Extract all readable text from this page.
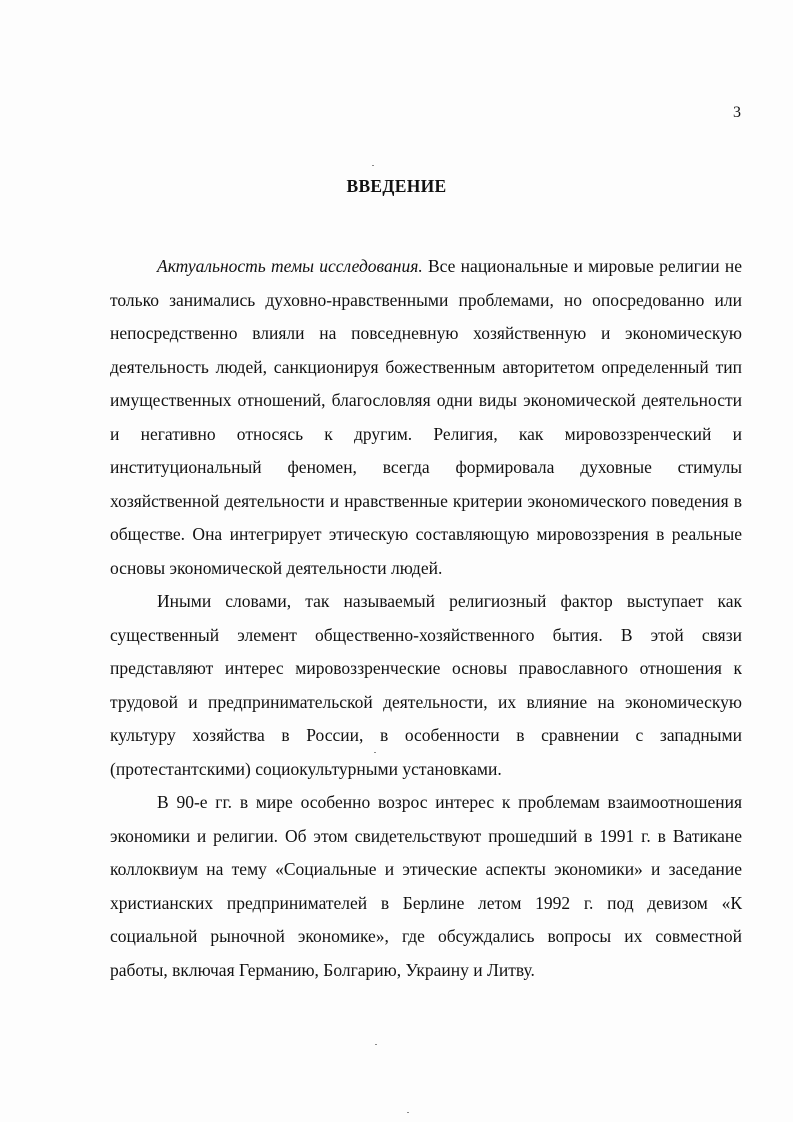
3
ВВЕДЕНИЕ

Актуальность темы исследования. Все национальные и мировые религии не только занимались духовно-нравственными проблемами, но опосредованно или непосредственно влияли на повседневную хозяйственную и экономическую деятельность людей, санкционируя божественным авторитетом определенный тип имущественных отношений, благословляя одни виды экономической деятельности и негативно относясь к другим. Религия, как мировоззренческий и институциональный феномен, всегда формировала духовные стимулы хозяйственной деятельности и нравственные критерии экономического поведения в обществе. Она интегрирует этическую составляющую мировоззрения в реальные основы экономической деятельности людей.

Иными словами, так называемый религиозный фактор выступает как существенный элемент общественно-хозяйственного бытия. В этой связи представляют интерес мировоззренческие основы православного отношения к трудовой и предпринимательской деятельности, их влияние на экономическую культуру хозяйства в России, в особенности в сравнении с западными (протестантскими) социокультурными установками.

В 90-е гг. в мире особенно возрос интерес к проблемам взаимоотношения экономики и религии. Об этом свидетельствуют прошедший в 1991 г. в Ватикане коллоквиум на тему «Социальные и этические аспекты экономики» и заседание христианских предпринимателей в Берлине летом 1992 г. под девизом «К социальной рыночной экономике», где обсуждались вопросы их совместной работы, включая Германию, Болгарию, Украину и Литву.
